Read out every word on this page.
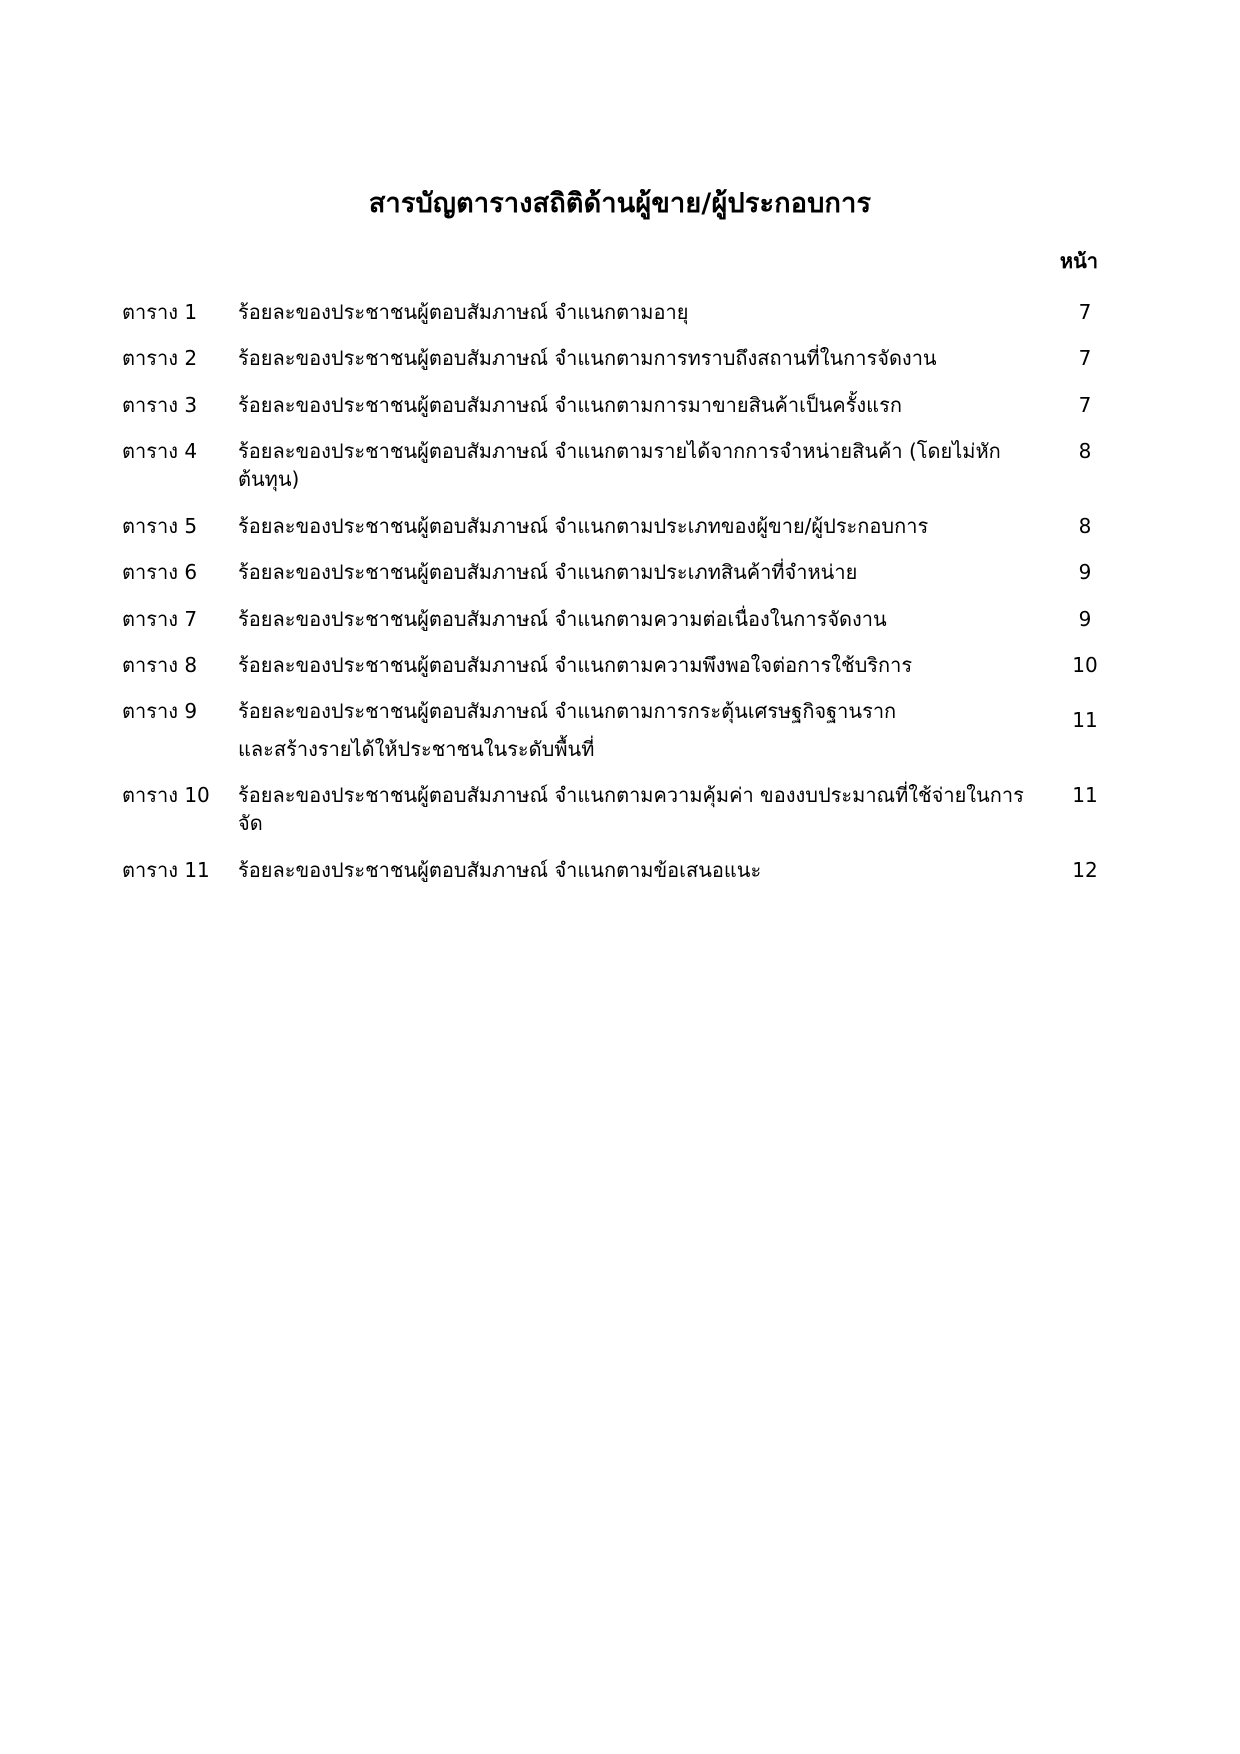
สารบัญตารางสถิติด้านผู้ขาย/ผู้ประกอบการ
หน้า
ตาราง 1	ร้อยละของประชาชนผู้ตอบสัมภาษณ์ จำแนกตามอายุ	7
ตาราง 2	ร้อยละของประชาชนผู้ตอบสัมภาษณ์ จำแนกตามการทราบถึงสถานที่ในการจัดงาน	7
ตาราง 3	ร้อยละของประชาชนผู้ตอบสัมภาษณ์ จำแนกตามการมาขายสินค้าเป็นครั้งแรก	7
ตาราง 4	ร้อยละของประชาชนผู้ตอบสัมภาษณ์ จำแนกตามรายได้จากการจำหน่ายสินค้า (โดยไม่หักต้นทุน)	8
ตาราง 5	ร้อยละของประชาชนผู้ตอบสัมภาษณ์ จำแนกตามประเภทของผู้ขาย/ผู้ประกอบการ	8
ตาราง 6	ร้อยละของประชาชนผู้ตอบสัมภาษณ์ จำแนกตามประเภทสินค้าที่จำหน่าย	9
ตาราง 7	ร้อยละของประชาชนผู้ตอบสัมภาษณ์ จำแนกตามความต่อเนื่องในการจัดงาน	9
ตาราง 8	ร้อยละของประชาชนผู้ตอบสัมภาษณ์ จำแนกตามความพึงพอใจต่อการใช้บริการ	10
ตาราง 9	ร้อยละของประชาชนผู้ตอบสัมภาษณ์ จำแนกตามการกระตุ้นเศรษฐกิจฐานราก
และสร้างรายได้ให้ประชาชนในระดับพื้นที่	11

ตาราง 10	ร้อยละของประชาชนผู้ตอบสัมภาษณ์ จำแนกตามความคุ้มค่า ของงบประมาณที่ใช้จ่ายในการจัด	11
ตาราง 11	ร้อยละของประชาชนผู้ตอบสัมภาษณ์ จำแนกตามข้อเสนอแนะ	12
